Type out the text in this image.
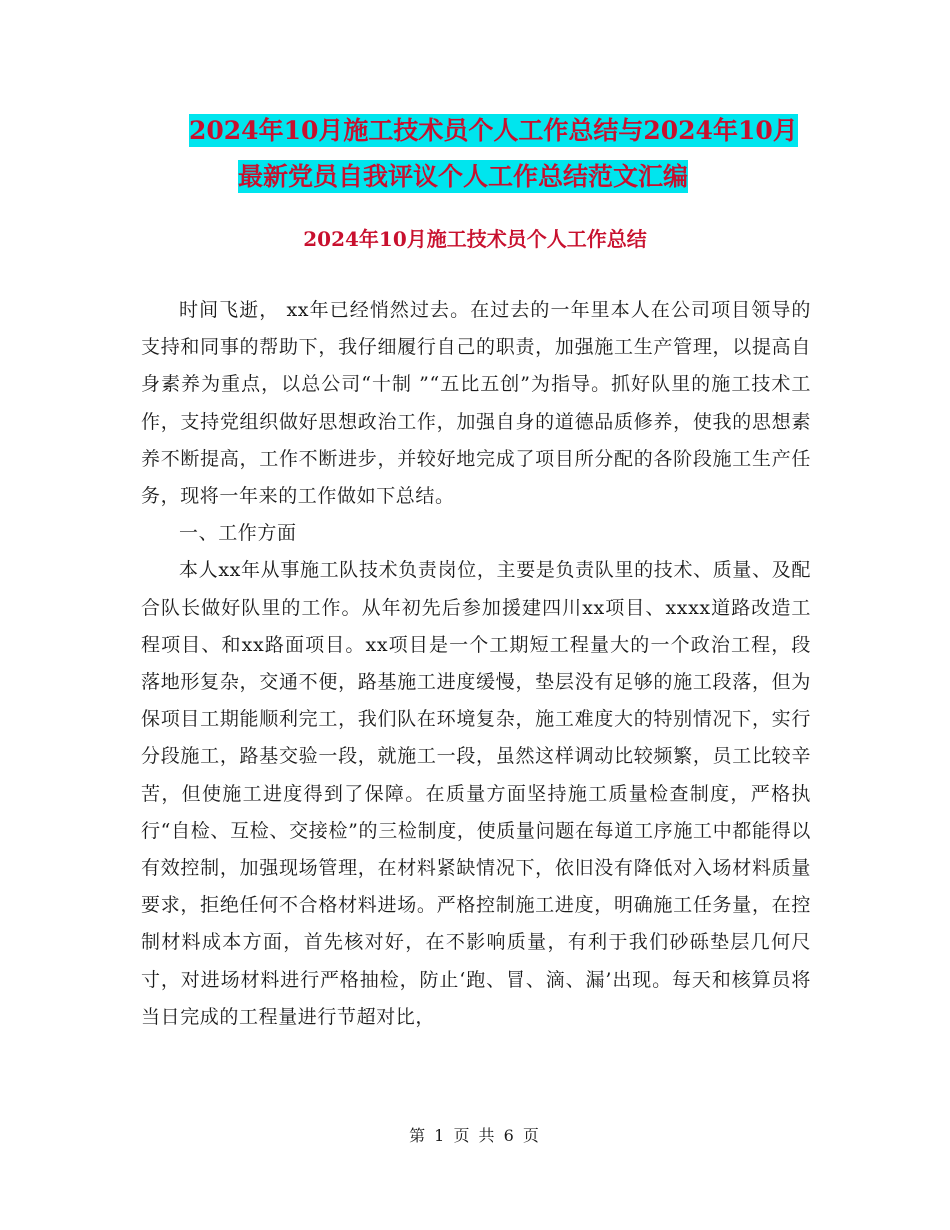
2024年10月施工技术员个人工作总结与2024年10月
最新党员自我评议个人工作总结范文汇编
2024年10月施工技术员个人工作总结

时间飞逝， xx年已经悄然过去。在过去的一年里本人在公司项目领导的支持和同事的帮助下，我仔细履行自己的职责，加强施工生产管理，以提高自身素养为重点，以总公司“十制 ”“五比五创”为指导。抓好队里的施工技术工作，支持党组织做好思想政治工作，加强自身的道德品质修养，使我的思想素养不断提高，工作不断进步，并较好地完成了项目所分配的各阶段施工生产任务，现将一年来的工作做如下总结。

一、工作方面

本人xx年从事施工队技术负责岗位，主要是负责队里的技术、质量、及配合队长做好队里的工作。从年初先后参加援建四川xx项目、xxxx道路改造工程项目、和xx路面项目。xx项目是一个工期短工程量大的一个政治工程，段落地形复杂，交通不便，路基施工进度缓慢，垫层没有足够的施工段落，但为保项目工期能顺利完工，我们队在环境复杂，施工难度大的特别情况下，实行分段施工，路基交验一段，就施工一段，虽然这样调动比较频繁，员工比较辛苦，但使施工进度得到了保障。在质量方面坚持施工质量检查制度，严格执行“自检、互检、交接检”的三检制度，使质量问题在每道工序施工中都能得以有效控制，加强现场管理，在材料紧缺情况下，依旧没有降低对入场材料质量要求，拒绝任何不合格材料进场。严格控制施工进度，明确施工任务量，在控制材料成本方面，首先核对好，在不影响质量，有利于我们砂砾垫层几何尺寸，对进场材料进行严格抽检，防止‘跑、冒、滴、漏’出现。每天和核算员将当日完成的工程量进行节超对比，

第 1 页 共 6 页
